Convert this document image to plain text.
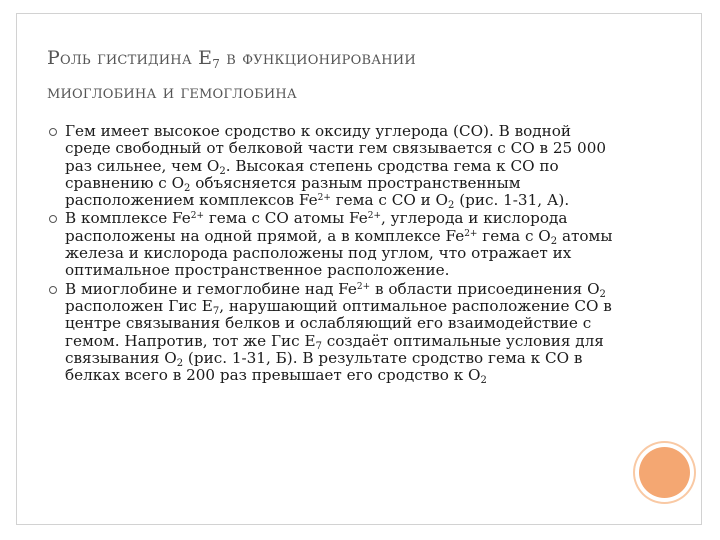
Роль гистидина $Е_7$ в функционировании
миоглобина и гемоглобина
Гем имеет высокое сродство к оксиду углерода (СО). В водной среде свободный от белковой части гем связывается с СО в 25 000 раз сильнее, чем $О_2$. Высокая степень сродства гема к СО по сравнению с $О_2$ объясняется разным пространственным расположением комплексов $Fe^{2+}$ гема с СО и $О_2$ (рис. 1-31, А).
В комплексе $Fe^{2+}$ гема с СО атомы $Fe^{2+}$, углерода и кислорода расположены на одной прямой, а в комплексе $Fe^{2+}$ гема с $О_2$ атомы железа и кислорода расположены под углом, что отражает их оптимальное пространственное расположение.
В миоглобине и гемоглобине над $Fe^{2+}$ в области присоединения $О_2$ расположен Гис $Е_7$, нарушающий оптимальное расположение СО в центре связывания белков и ослабляющий его взаимодействие с гемом. Напротив, тот же Гис $Е_7$ создаёт оптимальные условия для связывания $О_2$ (рис. 1-31, Б). В результате сродство гема к СО в белках всего в 200 раз превышает его сродство к $О_2$
